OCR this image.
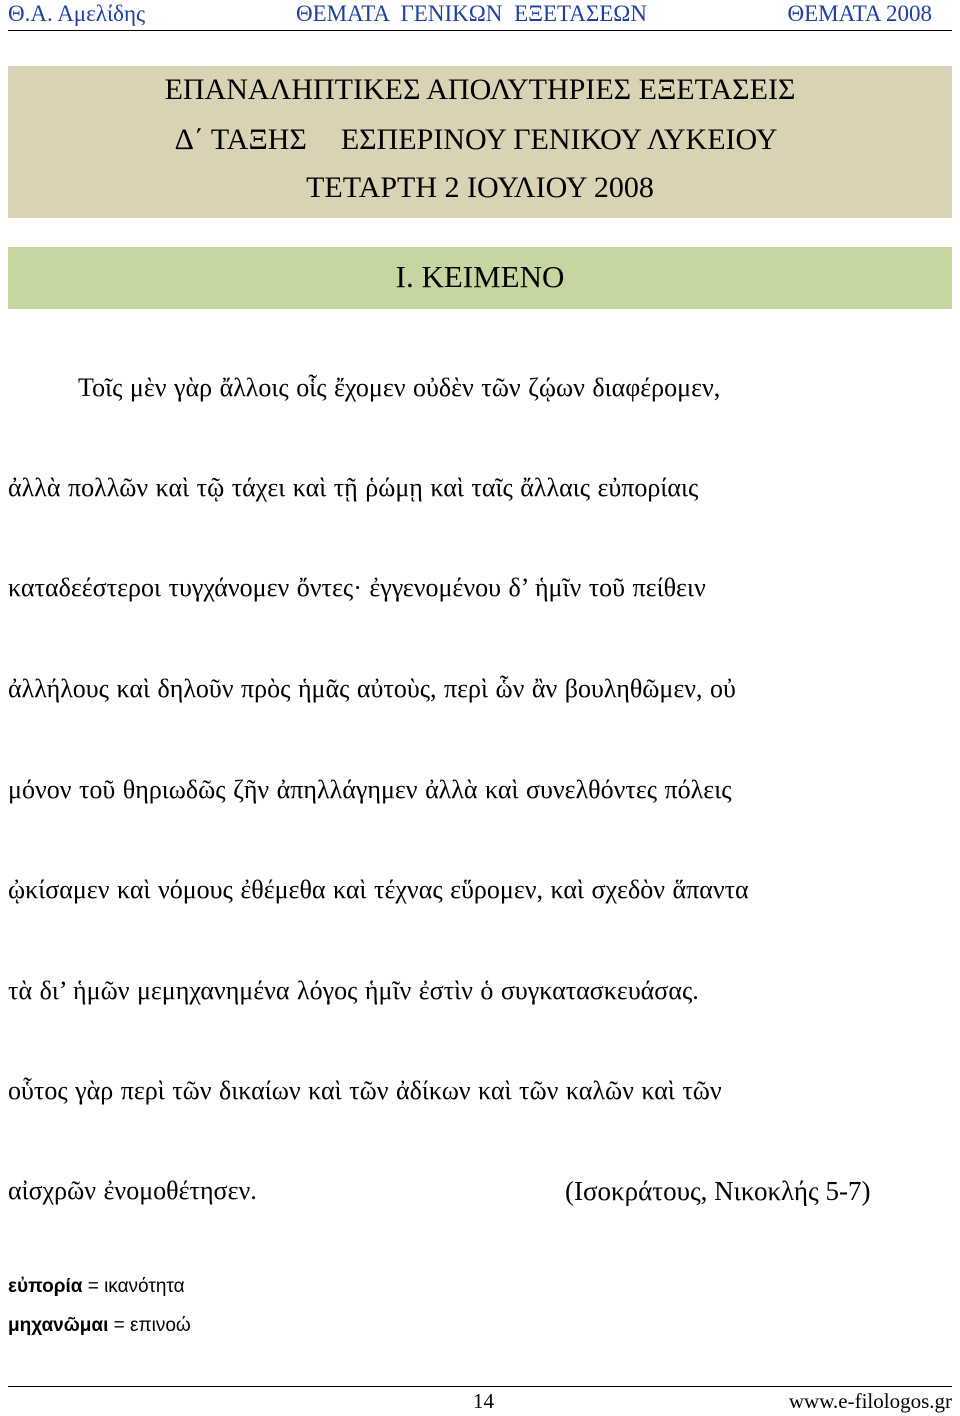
Θ.Α. Αμελίδης	ΘΕΜΑΤΑ ΓΕΝΙΚΩΝ ΕΞΕΤΑΣΕΩΝ	ΘΕΜΑΤΑ 2008
ΕΠΑΝΑΛΗΠΤΙΚΕΣ ΑΠΟΛΥΤΗΡΙΕΣ ΕΞΕΤΑΣΕΙΣ
Δ΄ ΤΑΞΗΣ ΕΣΠΕΡΙΝΟΥ ΓΕΝΙΚΟΥ ΛΥΚΕΙΟΥ
ΤΕΤΑΡΤΗ 2 ΙΟΥΛΙΟΥ 2008
Ι. ΚΕΙΜΕΝΟ
Τοῖς μὲν γὰρ ἄλλοις οἷς ἔχομεν οὐδὲν τῶν ζῴων διαφέρομεν,
ἀλλὰ πολλῶν καὶ τῷ τάχει καὶ τῇ ῥώμῃ καὶ ταῖς ἄλλαις εὐπορίαις
καταδεέστεροι τυγχάνομεν ὄντες· ἐγγενομένου δ’ ἡμῖν τοῦ πείθειν
ἀλλήλους καὶ δηλοῦν πρὸς ἡμᾶς αὐτοὺς, περὶ ὧν ἂν βουληθῶμεν, οὐ
μόνον τοῦ θηριωδῶς ζῆν ἀπηλλάγημεν ἀλλὰ καὶ συνελθόντες πόλεις
ᾠκίσαμεν καὶ νόμους ἐθέμεθα καὶ τέχνας εὕρομεν, καὶ σχεδὸν ἅπαντα
τὰ δι’ ἡμῶν μεμηχανημένα λόγος ἡμῖν ἐστὶν ὁ συγκατασκευάσας.
οὗτος γὰρ περὶ τῶν δικαίων καὶ τῶν ἀδίκων καὶ τῶν καλῶν καὶ τῶν
αἰσχρῶν ἐνομοθέτησεν.	(Ισοκράτους, Νικοκλής 5-7)
εὐπορία = ικανότητα
μηχανῶμαι = επινοώ
14	www.e-filologos.gr
